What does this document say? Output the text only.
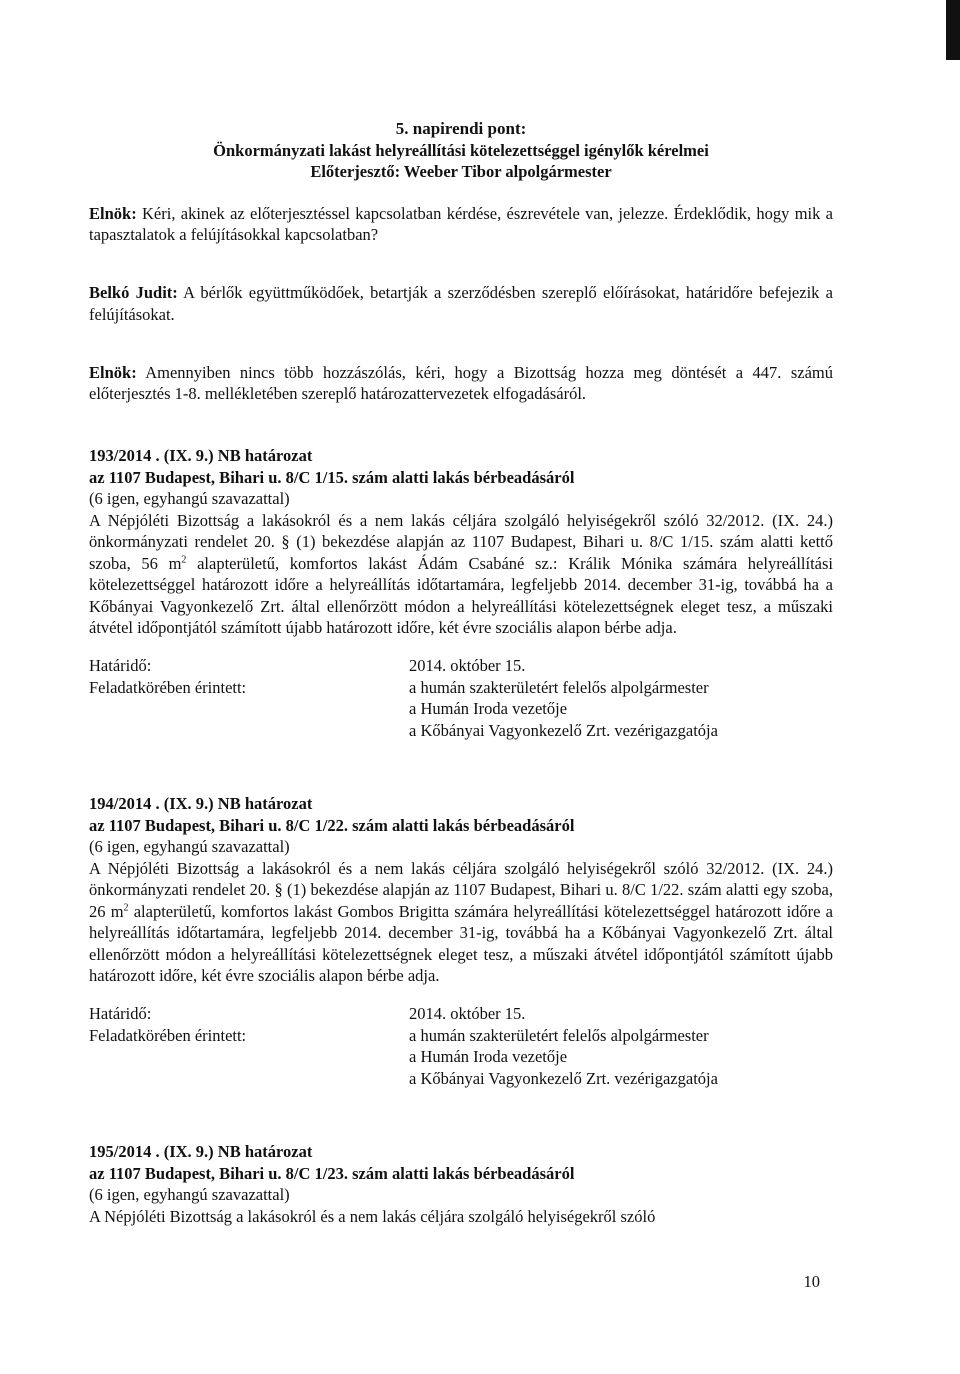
5. napirendi pont:
Önkormányzati lakást helyreállítási kötelezettséggel igénylők kérelmei
Előterjesztő: Weeber Tibor alpolgármester

Elnök: Kéri, akinek az előterjesztéssel kapcsolatban kérdése, észrevétele van, jelezze. Érdeklődik, hogy mik a tapasztalatok a felújításokkal kapcsolatban?

Belkó Judit: A bérlők együttműködőek, betartják a szerződésben szereplő előírásokat, határidőre befejezik a felújításokat.

Elnök: Amennyiben nincs több hozzászólás, kéri, hogy a Bizottság hozza meg döntését a 447. számú előterjesztés 1-8. mellékletében szereplő határozattervezetek elfogadásáról.

193/2014 . (IX. 9.) NB határozat
az 1107 Budapest, Bihari u. 8/C 1/15. szám alatti lakás bérbeadásáról
(6 igen, egyhangú szavazattal)

A Népjóléti Bizottság a lakásokról és a nem lakás céljára szolgáló helyiségekről szóló 32/2012. (IX. 24.) önkormányzati rendelet 20. § (1) bekezdése alapján az 1107 Budapest, Bihari u. 8/C 1/15. szám alatti kettő szoba, 56 $m^2$ alapterületű, komfortos lakást Ádám Csabáné sz.: Králik Mónika számára helyreállítási kötelezettséggel határozott időre a helyreállítás időtartamára, legfeljebb 2014. december 31-ig, továbbá ha a Kőbányai Vagyonkezelő Zrt. által ellenőrzött módon a helyreállítási kötelezettségnek eleget tesz, a műszaki átvétel időpontjától számított újabb határozott időre, két évre szociális alapon bérbe adja.

Határidő:	2014. október 15.
Feladatkörében érintett:	a humán szakterületért felelős alpolgármester
a Humán Iroda vezetője
a Kőbányai Vagyonkezelő Zrt. vezérigazgatója
194/2014 . (IX. 9.) NB határozat
az 1107 Budapest, Bihari u. 8/C 1/22. szám alatti lakás bérbeadásáról
(6 igen, egyhangú szavazattal)

A Népjóléti Bizottság a lakásokról és a nem lakás céljára szolgáló helyiségekről szóló 32/2012. (IX. 24.) önkormányzati rendelet 20. § (1) bekezdése alapján az 1107 Budapest, Bihari u. 8/C 1/22. szám alatti egy szoba, 26 $m^2$ alapterületű, komfortos lakást Gombos Brigitta számára helyreállítási kötelezettséggel határozott időre a helyreállítás időtartamára, legfeljebb 2014. december 31-ig, továbbá ha a Kőbányai Vagyonkezelő Zrt. által ellenőrzött módon a helyreállítási kötelezettségnek eleget tesz, a műszaki átvétel időpontjától számított újabb határozott időre, két évre szociális alapon bérbe adja.

Határidő:	2014. október 15.
Feladatkörében érintett:	a humán szakterületért felelős alpolgármester
a Humán Iroda vezetője
a Kőbányai Vagyonkezelő Zrt. vezérigazgatója
195/2014 . (IX. 9.) NB határozat
az 1107 Budapest, Bihari u. 8/C 1/23. szám alatti lakás bérbeadásáról
(6 igen, egyhangú szavazattal)

A Népjóléti Bizottság a lakásokról és a nem lakás céljára szolgáló helyiségekről szóló

10
